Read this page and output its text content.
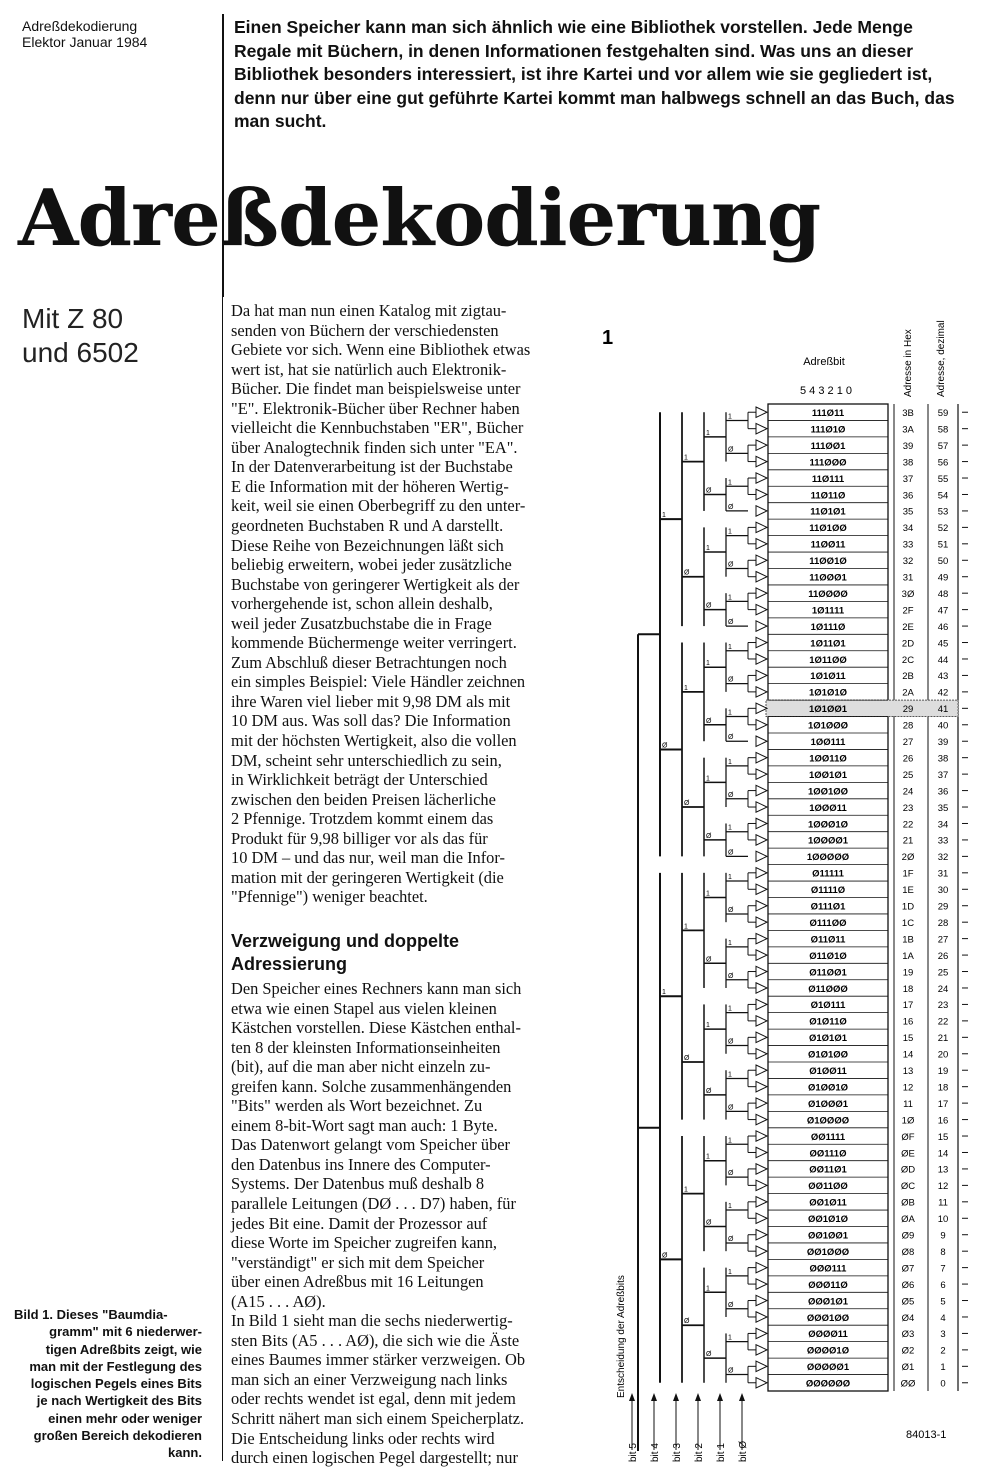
Adreßdekodierung
Elektor Januar 1984

Einen Speicher kann man sich ähnlich wie eine Bibliothek vorstellen. Jede Menge Regale mit Büchern, in denen Informationen festgehalten sind. Was uns an dieser Bibliothek besonders interessiert, ist ihre Kartei und vor allem wie sie gegliedert ist, denn nur über eine gut geführte Kartei kommt man halbwegs schnell an das Buch, das man sucht.

Adreßdekodierung
Mit Z 80
und 6502
Da hat man nun einen Katalog mit zigtau-
senden von Büchern der verschiedensten
Gebiete vor sich. Wenn eine Bibliothek etwas
wert ist, hat sie natürlich auch Elektronik-
Bücher. Die findet man beispielsweise unter
"E". Elektronik-Bücher über Rechner haben
vielleicht die Kennbuchstaben "ER", Bücher
über Analogtechnik finden sich unter "EA".
In der Datenverarbeitung ist der Buchstabe
E die Information mit der höheren Wertig-
keit, weil sie einen Oberbegriff zu den unter-
geordneten Buchstaben R und A darstellt.
Diese Reihe von Bezeichnungen läßt sich
beliebig erweitern, wobei jeder zusätzliche
Buchstabe von geringerer Wertigkeit als der
vorhergehende ist, schon allein deshalb,
weil jeder Zusatzbuchstabe die in Frage
kommende Büchermenge weiter verringert.
Zum Abschluß dieser Betrachtungen noch
ein simples Beispiel: Viele Händler zeichnen
ihre Waren viel lieber mit 9,98 DM als mit
10 DM aus. Was soll das? Die Information
mit der höchsten Wertigkeit, also die vollen
DM, scheint sehr unterschiedlich zu sein,
in Wirklichkeit beträgt der Unterschied
zwischen den beiden Preisen lächerliche
2 Pfennige. Trotzdem kommt einem das
Produkt für 9,98 billiger vor als das für
10 DM – und das nur, weil man die Infor-
mation mit der geringeren Wertigkeit (die
"Pfennige") weniger beachtet.
Verzweigung und doppelte
Adressierung
Den Speicher eines Rechners kann man sich
etwa wie einen Stapel aus vielen kleinen
Kästchen vorstellen. Diese Kästchen enthal-
ten 8 der kleinsten Informationseinheiten
(bit), auf die man aber nicht einzeln zu-
greifen kann. Solche zusammenhängenden
"Bits" werden als Wort bezeichnet. Zu
einem 8-bit-Wort sagt man auch: 1 Byte.
Das Datenwort gelangt vom Speicher über
den Datenbus ins Innere des Computer-
Systems. Der Datenbus muß deshalb 8
parallele Leitungen (DØ . . . D7) haben, für
jedes Bit eine. Damit der Prozessor auf
diese Worte im Speicher zugreifen kann,
"verständigt" er sich mit dem Speicher
über einen Adreßbus mit 16 Leitungen
(A15 . . . AØ).
In Bild 1 sieht man die sechs niederwertig-
sten Bits (A5 . . . AØ), die sich wie die Äste
eines Baumes immer stärker verzweigen. Ob
man sich an einer Verzweigung nach links
oder rechts wendet ist egal, denn mit jedem
Schritt nähert man sich einem Speicherplatz.
Die Entscheidung links oder rechts wird
durch einen logischen Pegel dargestellt; nur
Bild 1. Dieses "Baumdia-
gramm" mit 6 niederwer-
tigen Adreßbits zeigt, wie
man mit der Festlegung des
logischen Pegels eines Bits
je nach Wertigkeit des Bits
einen mehr oder weniger
großen Bereich dekodieren
kann.
1
Adreßbit
5 4 3 2 1 0	Adresse in Hex Adresse, dezimal
Entscheidung der Adreßbits
84013-1
111Ø11	3B	59
111Ø1Ø	3A	58
111ØØ1	39	57
111ØØØ	38	56
11Ø111	37	55
11Ø11Ø	36	54
11Ø1Ø1	35	53
11Ø1ØØ	34	52
11ØØ11	33	51
11ØØ1Ø	32	50
11ØØØ1	31	49
11ØØØØ	3Ø 48
1Ø1111	2F	47
1Ø111Ø	2E	46
1Ø11Ø1	2D 45
1Ø11ØØ	2C 44
1Ø1Ø11	2B	43
1Ø1Ø1Ø	2A	42
1Ø1ØØ1	29	41
1Ø1ØØØ	28	40
1ØØ111	27	39
1ØØ11Ø	26	38
1ØØ1Ø1	25	37
1ØØ1ØØ	24	36
1ØØØ11	23	35
1ØØØ1Ø	22	34
1ØØØØ1	21	33
1ØØØØØ	2Ø 32
Ø11111	1F	31
Ø1111Ø	1E	30
Ø111Ø1	1D 29
Ø111ØØ	1C 28
Ø11Ø11	1B	27
Ø11Ø1Ø	1A	26
Ø11ØØ1	19	25
Ø11ØØØ	18	24
Ø1Ø111	17	23
Ø1Ø11Ø	16	22
Ø1Ø1Ø1	15	21
Ø1Ø1ØØ	14	20
Ø1ØØ11	13	19
Ø1ØØ1Ø	12	18
Ø1ØØØ1	11	17
Ø1ØØØØ	1Ø 16
ØØ1111	ØF 15
ØØ111Ø	ØE 14
ØØ11Ø1	ØD 13
ØØ11ØØ	ØC 12
ØØ1Ø11	ØB 11
ØØ1Ø1Ø	ØA 10
ØØ1ØØ1	Ø9	9
ØØ1ØØØ	Ø8	8
ØØØ111	Ø7	7
ØØØ11Ø	Ø6	6
ØØØ1Ø1	Ø5	5
ØØØ1ØØ	Ø4	4
ØØØØ11	Ø3	3
ØØØØ1Ø	Ø2	2
ØØØØØ1	Ø1	1
ØØØØØØ	ØØ	0
1
Ø
1
Ø
1
Ø
1
Ø
1
Ø
1
Ø
1
Ø
1
Ø
1
Ø
1
Ø
1
Ø
1
Ø
1
Ø
1
Ø
1
Ø
1
Ø
1
Ø
1
Ø
1
Ø
1
Ø
1
Ø
1
Ø
1
Ø
1
Ø
1
Ø
1
Ø
1
Ø
1
Ø
1
Ø
1
Ø
bit 5 bit 4 bit 3 bit 2 bit 1 bit Ø
